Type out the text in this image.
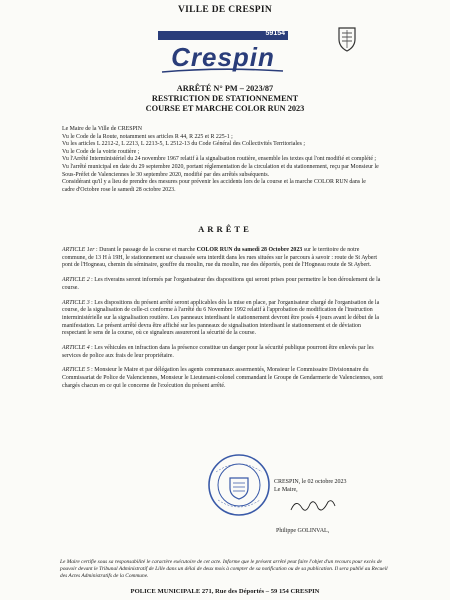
VILLE DE CRESPIN
59154
Crespin
ARRÊTÉ N° PM – 2023/87
RESTRICTION DE STATIONNEMENT
COURSE ET MARCHE COLOR RUN 2023

Le Maire de la Ville de CRESPIN

Vu le Code de la Route, notamment ses articles R 44, R 225 et R 225-1 ;

Vu les articles L 2212-2, L 2213, L 2213-5, L 2512-13 du Code Général des Collectivités Territoriales ;

Vu le Code de la voirie routière ;

Vu l'Arrêté Interministériel du 24 novembre 1967 relatif à la signalisation routière, ensemble les textes qui l'ont modifié et complété ;

Vu l'arrêté municipal en date du 29 septembre 2020, portant réglementation de la circulation et du stationnement, reçu par Monsieur le Sous-Préfet de Valenciennes le 30 septembre 2020, modifié par des arrêtés subséquents.

Considérant qu'il y a lieu de prendre des mesures pour prévenir les accidents lors de la course et la marche COLOR RUN dans le cadre d'Octobre rose le samedi 28 octobre 2023.

ARRÊTE

ARTICLE 1er : Durant le passage de la course et marche COLOR RUN du samedi 28 Octobre 2023 sur le territoire de notre commune, de 13 H à 19H, le stationnement sur chaussée sera interdit dans les rues situées sur le parcours à savoir : route de St Aybert pont de l'Hogneau, chemin du séminaire, gouffre du moulin, rue du moulin, rue des déportés, pont de l'Hogneau route de St Aybert.

ARTICLE 2 : Les riverains seront informés par l'organisateur des dispositions qui seront prises pour permettre le bon déroulement de la course.

ARTICLE 3 : Les dispositions du présent arrêté seront applicables dès la mise en place, par l'organisateur chargé de l'organisation de la course, de la signalisation de celle-ci conforme à l'arrêté du 6 Novembre 1992 relatif à l'approbation de modification de l'instruction interministérielle sur la signalisation routière. Les panneaux interdisant le stationnement devront être posés 4 jours avant le début de la manifestation. Le présent arrêté devra être affiché sur les panneaux de signalisation interdisant le stationnement et de déviation respectant le sens de la course, où ce signaleurs assureront la sécurité de la course.

ARTICLE 4 : Les véhicules en infraction dans la présence constitue un danger pour la sécurité publique pourront être enlevés par les services de police aux frais de leur propriétaire.

ARTICLE 5 : Monsieur le Maire et par délégation les agents communaux assermentés, Monsieur le Commissaire Divisionnaire du Commissariat de Police de Valenciennes, Monsieur le Lieutenant-colonel commandant le Groupe de Gendarmerie de Valenciennes, sont chargés chacun en ce qui le concerne de l'exécution du présent arrêté.

CRESPIN, le 02 octobre 2023

Le Maire,

Philippe GOLINVAL,
Le Maire certifie sous sa responsabilité le caractère exécutoire de cet acte. Informe que le présent arrêté peut faire l'objet d'un recours pour excès de pouvoir devant le Tribunal Administratif de Lille dans un délai de deux mois à compter de sa notification ou de sa publication. Il sera publié au Recueil des Actes Administratifs de la Commune.
POLICE MUNICIPALE 271, Rue des Déportés – 59 154 CRESPIN
